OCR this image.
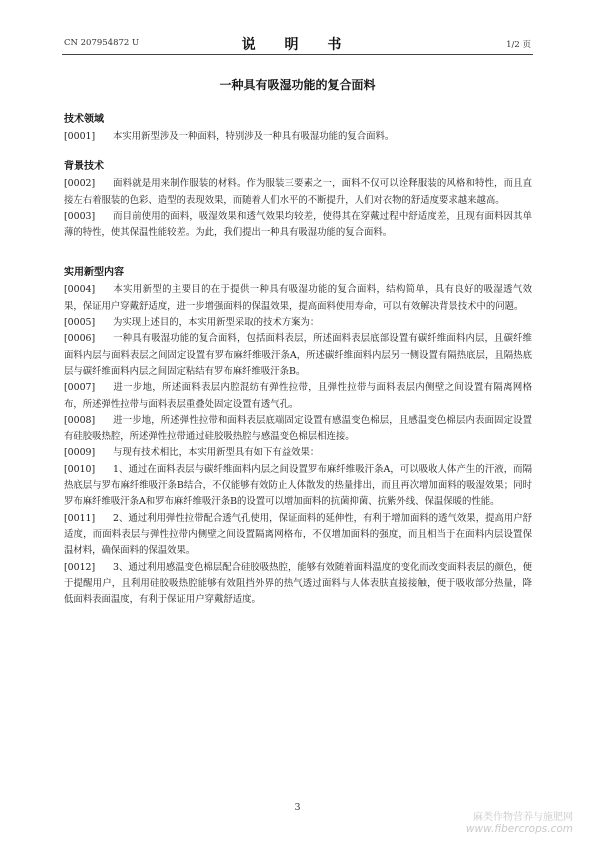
CN 207954872 U	说 明 书	1/2 页
一种具有吸湿功能的复合面料
技术领域

[0001] 本实用新型涉及一种面料，特别涉及一种具有吸湿功能的复合面料。

背景技术

[0002] 面料就是用来制作服装的材料。作为服装三要素之一，面料不仅可以诠释服装的风格和特性，而且直接左右着服装的色彩、造型的表现效果，而随着人们水平的不断提升，人们对衣物的舒适度要求越来越高。

[0003] 而目前使用的面料，吸湿效果和透气效果均较差，使得其在穿戴过程中舒适度差，且现有面料因其单薄的特性，使其保温性能较差。为此，我们提出一种具有吸湿功能的复合面料。

实用新型内容

[0004] 本实用新型的主要目的在于提供一种具有吸湿功能的复合面料，结构简单，具有良好的吸湿透气效果，保证用户穿戴舒适度，进一步增强面料的保温效果，提高面料使用寿命，可以有效解决背景技术中的问题。

[0005] 为实现上述目的，本实用新型采取的技术方案为：

[0006] 一种具有吸湿功能的复合面料，包括面料表层，所述面料表层底部设置有碳纤维面料内层，且碳纤维面料内层与面料表层之间固定设置有罗布麻纤维吸汗条A，所述碳纤维面料内层另一侧设置有隔热底层，且隔热底层与碳纤维面料内层之间固定粘结有罗布麻纤维吸汗条B。

[0007] 进一步地，所述面料表层内腔混纺有弹性拉带，且弹性拉带与面料表层内侧壁之间设置有隔离网格布，所述弹性拉带与面料表层重叠处固定设置有透气孔。

[0008] 进一步地，所述弹性拉带和面料表层底端固定设置有感温变色棉层，且感温变色棉层内表面固定设置有硅胶吸热腔，所述弹性拉带通过硅胶吸热腔与感温变色棉层相连接。

[0009] 与现有技术相比，本实用新型具有如下有益效果：

[0010] 1、通过在面料表层与碳纤维面料内层之间设置罗布麻纤维吸汗条A，可以吸收人体产生的汗液，而隔热底层与罗布麻纤维吸汗条B结合，不仅能够有效防止人体散发的热量排出，而且再次增加面料的吸湿效果；同时罗布麻纤维吸汗条A和罗布麻纤维吸汗条B的设置可以增加面料的抗菌抑菌、抗紫外线、保温保暖的性能。

[0011] 2、通过利用弹性拉带配合透气孔使用，保证面料的延伸性，有利于增加面料的透气效果，提高用户舒适度，而面料表层与弹性拉带内侧壁之间设置隔离网格布，不仅增加面料的强度，而且相当于在面料内层设置保温材料，确保面料的保温效果。

[0012] 3、通过利用感温变色棉层配合硅胶吸热腔，能够有效随着面料温度的变化而改变面料表层的颜色，便于提醒用户，且利用硅胶吸热腔能够有效阻挡外界的热气透过面料与人体表肤直接接触，便于吸收部分热量，降低面料表面温度，有利于保证用户穿戴舒适度。

3
麻类作物营养与施肥网
www.fibercrops.com
